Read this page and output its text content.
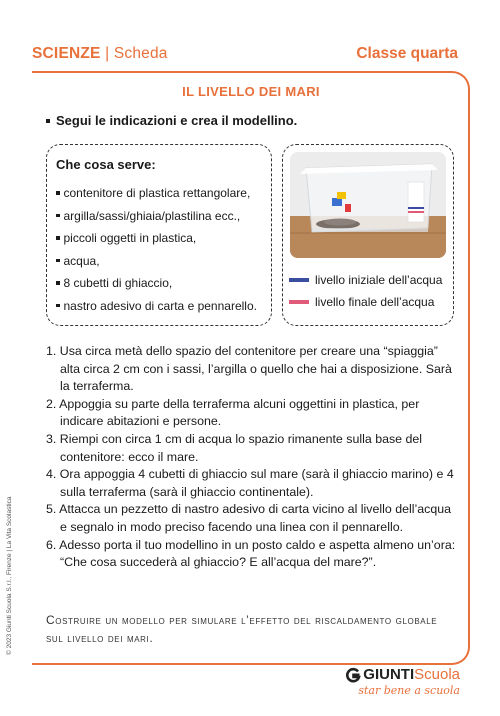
SCIENZE | Scheda	Classe quarta
IL LIVELLO DEI MARI
Segui le indicazioni e crea il modellino.
Che cosa serve:
contenitore di plastica rettangolare,
argilla/sassi/ghiaia/plastilina ecc.,
piccoli oggetti in plastica,
acqua,
8 cubetti di ghiaccio,
nastro adesivo di carta e pennarello.
livello iniziale dell’acqua
livello finale dell’acqua
1. Usa circa metà dello spazio del contenitore per creare una “spiaggia” alta circa 2 cm con i sassi, l’argilla o quello che hai a disposizione. Sarà la terraferma.
2. Appoggia su parte della terraferma alcuni oggettini in plastica, per indicare abitazioni e persone.
3. Riempi con circa 1 cm di acqua lo spazio rimanente sulla base del contenitore: ecco il mare.
4. Ora appoggia 4 cubetti di ghiaccio sul mare (sarà il ghiaccio marino) e 4 sulla terraferma (sarà il ghiaccio continentale).
5. Attacca un pezzetto di nastro adesivo di carta vicino al livello dell’acqua e segnalo in modo preciso facendo una linea con il pennarello.
6. Adesso porta il tuo modellino in un posto caldo e aspetta almeno un’ora: “Che cosa succederà al ghiaccio? E all’acqua del mare?”.
Costruire un modello per simulare l’effetto del riscaldamento globale sul livello dei mari.
© 2023 Giunti Scuola S.r.l., Firenze | La Vita Scolastica
GIUNTI Scuola
star bene a scuola
